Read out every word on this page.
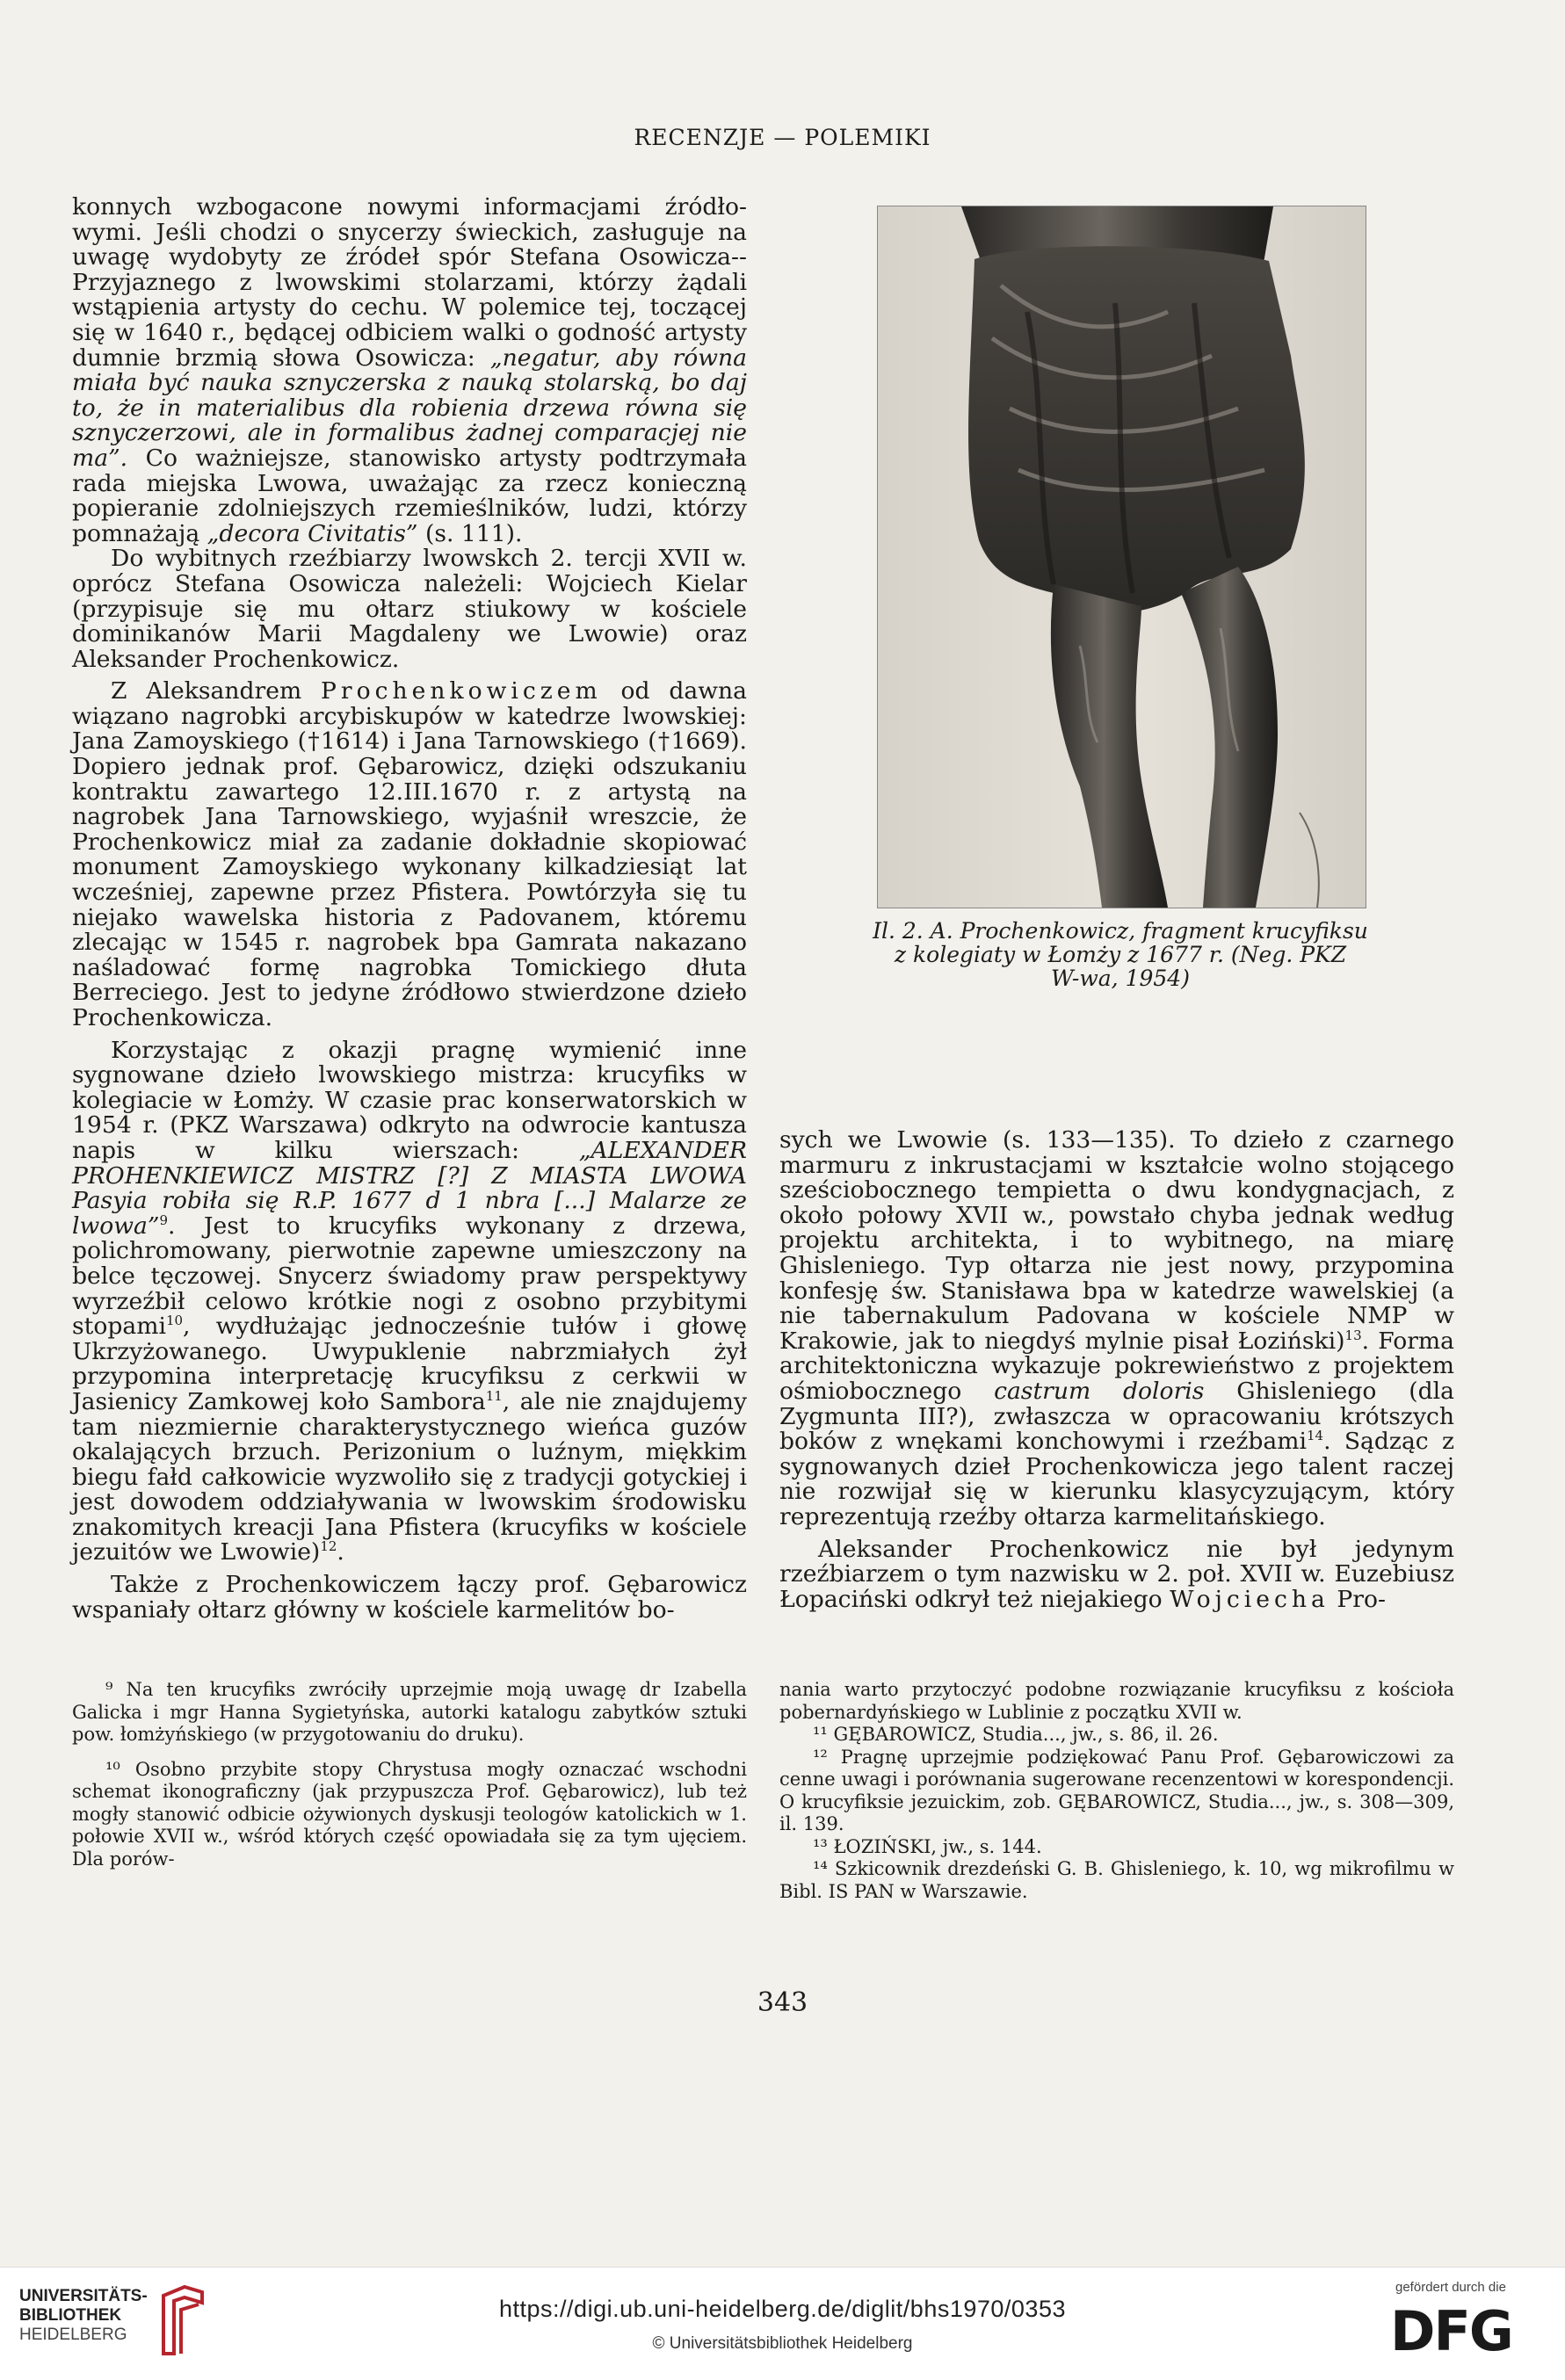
RECENZJE — POLEMIKI

konnych wzbogacone nowymi informacjami źródło-wymi. Jeśli chodzi o snycerzy świeckich, zasługuje na uwagę wydobyty ze źródeł spór Stefana Osowicza--Przyjaznego z lwowskimi stolarzami, którzy żądali wstąpienia artysty do cechu. W polemice tej, toczącej się w 1640 r., będącej odbiciem walki o godność artysty dumnie brzmią słowa Osowicza: „negatur, aby równa miała być nauka sznyczerska z nauką stolarską, bo daj to, że in materialibus dla robienia drzewa równa się sznyczerzowi, ale in formalibus żadnej comparacjej nie ma”. Co ważniejsze, stanowisko artysty podtrzymała rada miejska Lwowa, uważając za rzecz konieczną popieranie zdolniejszych rzemieślników, ludzi, którzy pomnażają „decora Civitatis” (s. 111).

Do wybitnych rzeźbiarzy lwowskch 2. tercji XVII w. oprócz Stefana Osowicza należeli: Wojciech Kielar (przypisuje się mu ołtarz stiukowy w kościele dominikanów Marii Magdaleny we Lwowie) oraz Aleksander Prochenkowicz.

Z Aleksandrem Prochenkowiczem od dawna wiązano nagrobki arcybiskupów w katedrze lwowskiej: Jana Zamoyskiego (†1614) i Jana Tarnowskiego (†1669). Dopiero jednak prof. Gębarowicz, dzięki odszukaniu kontraktu zawartego 12.III.1670 r. z artystą na nagrobek Jana Tarnowskiego, wyjaśnił wreszcie, że Prochenkowicz miał za zadanie dokładnie skopiować monument Zamoyskiego wykonany kilkadziesiąt lat wcześniej, zapewne przez Pfistera. Powtórzyła się tu niejako wawelska historia z Padovanem, któremu zlecając w 1545 r. nagrobek bpa Gamrata nakazano naśladować formę nagrobka Tomickiego dłuta Berreciego. Jest to jedyne źródłowo stwierdzone dzieło Prochenkowicza.

Korzystając z okazji pragnę wymienić inne sygnowane dzieło lwowskiego mistrza: krucyfiks w kolegiacie w Łomży. W czasie prac konserwatorskich w 1954 r. (PKZ Warszawa) odkryto na odwrocie kantusza napis w kilku wierszach: „ALEXANDER PROHENKIEWICZ MISTRZ [?] Z MIASTA LWOWA Pasyia robiła się R.P. 1677 d 1 nbra [...] Malarze ze lwowa”$^9$. Jest to krucyfiks wykonany z drzewa, polichromowany, pierwotnie zapewne umieszczony na belce tęczowej. Snycerz świadomy praw perspektywy wyrzeźbił celowo krótkie nogi z osobno przybitymi stopami$^{10}$, wydłużając jednocześnie tułów i głowę Ukrzyżowanego. Uwypuklenie nabrzmiałych żył przypomina interpretację krucyfiksu z cerkwii w Jasienicy Zamkowej koło Sambora$^{11}$, ale nie znajdujemy tam niezmiernie charakterystycznego wieńca guzów okalających brzuch. Perizonium o luźnym, miękkim biegu fałd całkowicie wyzwoliło się z tradycji gotyckiej i jest dowodem oddziaływania w lwowskim środowisku znakomitych kreacji Jana Pfistera (krucyfiks w kościele jezuitów we Lwowie)$^{12}$.

Także z Prochenkowiczem łączy prof. Gębarowicz wspaniały ołtarz główny w kościele karmelitów bo-

Il. 2. A. Prochenkowicz, fragment krucyfiksu
z kolegiaty w Łomży z 1677 r. (Neg. PKZ
W-wa, 1954)

sych we Lwowie (s. 133—135). To dzieło z czarnego marmuru z inkrustacjami w kształcie wolno stojącego sześciobocznego tempietta o dwu kondygnacjach, z około połowy XVII w., powstało chyba jednak według projektu architekta, i to wybitnego, na miarę Ghisleniego. Typ ołtarza nie jest nowy, przypomina konfesję św. Stanisława bpa w katedrze wawelskiej (a nie tabernakulum Padovana w kościele NMP w Krakowie, jak to niegdyś mylnie pisał Łoziński)$^{13}$. Forma architektoniczna wykazuje pokrewieństwo z projektem ośmiobocznego castrum doloris Ghisleniego (dla Zygmunta III?), zwłaszcza w opracowaniu krótszych boków z wnękami konchowymi i rzeźbami$^{14}$. Sądząc z sygnowanych dzieł Prochenkowicza jego talent raczej nie rozwijał się w kierunku klasycyzującym, który reprezentują rzeźby ołtarza karmelitańskiego.

Aleksander Prochenkowicz nie był jedynym rzeźbiarzem o tym nazwisku w 2. poł. XVII w. Euzebiusz Łopaciński odkrył też niejakiego Wojciecha Pro-

⁹ Na ten krucyfiks zwróciły uprzejmie moją uwagę dr Izabella Galicka i mgr Hanna Sygietyńska, autorki katalogu zabytków sztuki pow. łomżyńskiego (w przygotowaniu do druku).

¹⁰ Osobno przybite stopy Chrystusa mogły oznaczać wschodni schemat ikonograficzny (jak przypuszcza Prof. Gębarowicz), lub też mogły stanowić odbicie ożywionych dyskusji teologów katolickich w 1. połowie XVII w., wśród których część opowiadała się za tym ujęciem. Dla porów-

nania warto przytoczyć podobne rozwiązanie krucyfiksu z kościoła pobernardyńskiego w Lublinie z początku XVII w.

¹¹ GĘBAROWICZ, Studia..., jw., s. 86, il. 26.

¹² Pragnę uprzejmie podziękować Panu Prof. Gębarowiczowi za cenne uwagi i porównania sugerowane recenzentowi w korespondencji. O krucyfiksie jezuickim, zob. GĘBAROWICZ, Studia..., jw., s. 308—309, il. 139.

¹³ ŁOZIŃSKI, jw., s. 144.

¹⁴ Szkicownik drezdeński G. B. Ghisleniego, k. 10, wg mikrofilmu w Bibl. IS PAN w Warszawie.

343
UNIVERSITÄTS-
BIBLIOTHEK
HEIDELBERG
https://digi.ub.uni-heidelberg.de/diglit/bhs1970/0353
© Universitätsbibliothek Heidelberg
gefördert durch die
DFG
